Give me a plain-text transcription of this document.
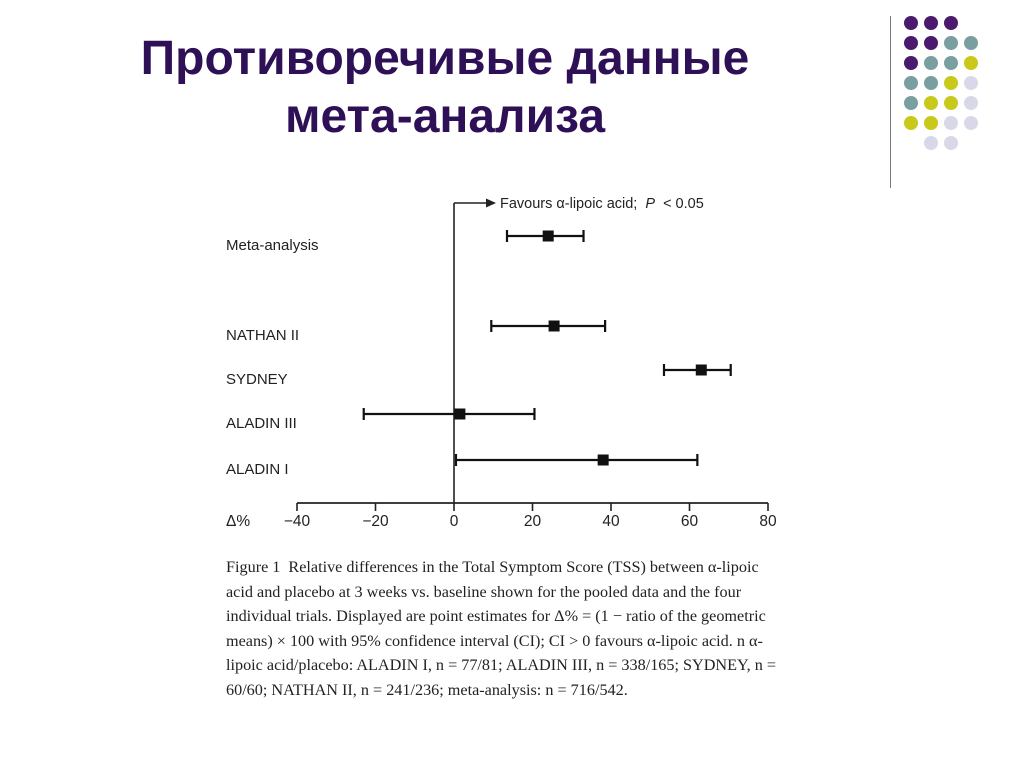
Противоречивые данные
мета-анализа
Favours α-lipoic acid; P < 0.05
Δ% −40	−20	0	20	40	60	80
Meta-analysis
NATHAN II
SYDNEY
ALADIN III
ALADIN I
Figure 1 Relative differences in the Total Symptom Score (TSS) between α-lipoic acid and placebo at 3 weeks vs. baseline shown for the pooled data and the four individual trials. Displayed are point estimates for Δ% = (1 − ratio of the geometric means) × 100 with 95% confidence interval (CI); CI > 0 favours α-lipoic acid. n α-lipoic acid/placebo: ALADIN I, n = 77/81; ALADIN III, n = 338/165; SYDNEY, n = 60/60; NATHAN II, n = 241/236; meta-analysis: n = 716/542.
